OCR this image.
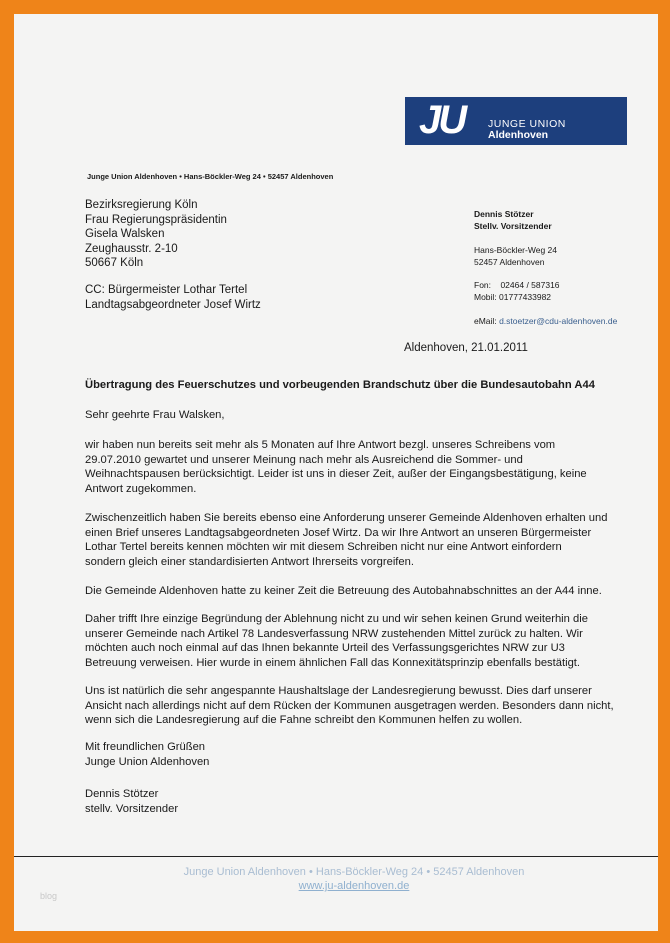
JU JUNGE UNION
Aldenhoven
Junge Union Aldenhoven • Hans-Böckler-Weg 24 • 52457 Aldenhoven
Bezirksregierung Köln
Frau Regierungspräsidentin
Gisela Walsken
Zeughausstr. 2-10
50667 Köln
CC: Bürgermeister Lothar Tertel
Landtagsabgeordneter Josef Wirtz
Dennis Stötzer
Stellv. Vorsitzender
Hans-Böckler-Weg 24
52457 Aldenhoven
Fon:    02464 / 587316
Mobil: 01777433982
eMail: d.stoetzer@cdu-aldenhoven.de
Aldenhoven, 21.01.2011
Übertragung des Feuerschutzes und vorbeugenden Brandschutz über die Bundesautobahn A44
Sehr geehrte Frau Walsken,
wir haben nun bereits seit mehr als 5 Monaten auf Ihre Antwort bezgl. unseres Schreibens vom
29.07.2010 gewartet und unserer Meinung nach mehr als Ausreichend die Sommer- und
Weihnachtspausen berücksichtigt. Leider ist uns in dieser Zeit, außer der Eingangsbestätigung, keine
Antwort zugekommen.
Zwischenzeitlich haben Sie bereits ebenso eine Anforderung unserer Gemeinde Aldenhoven erhalten und
einen Brief unseres Landtagsabgeordneten Josef Wirtz. Da wir Ihre Antwort an unseren Bürgermeister
Lothar Tertel bereits kennen möchten wir mit diesem Schreiben nicht nur eine Antwort einfordern
sondern gleich einer standardisierten Antwort Ihrerseits vorgreifen.
Die Gemeinde Aldenhoven hatte zu keiner Zeit die Betreuung des Autobahnabschnittes an der A44 inne.
Daher trifft Ihre einzige Begründung der Ablehnung nicht zu und wir sehen keinen Grund weiterhin die
unserer Gemeinde nach Artikel 78 Landesverfassung NRW zustehenden Mittel zurück zu halten. Wir
möchten auch noch einmal auf das Ihnen bekannte Urteil des Verfassungsgerichtes NRW zur U3
Betreuung verweisen. Hier wurde in einem ähnlichen Fall das Konnexitätsprinzip ebenfalls bestätigt.
Uns ist natürlich die sehr angespannte Haushaltslage der Landesregierung bewusst. Dies darf unserer
Ansicht nach allerdings nicht auf dem Rücken der Kommunen ausgetragen werden. Besonders dann nicht,
wenn sich die Landesregierung auf die Fahne schreibt den Kommunen helfen zu wollen.
Mit freundlichen Grüßen
Junge Union Aldenhoven
Dennis Stötzer
stellv. Vorsitzender
Junge Union Aldenhoven • Hans-Böckler-Weg 24 • 52457 Aldenhoven
www.ju-aldenhoven.de
blog
